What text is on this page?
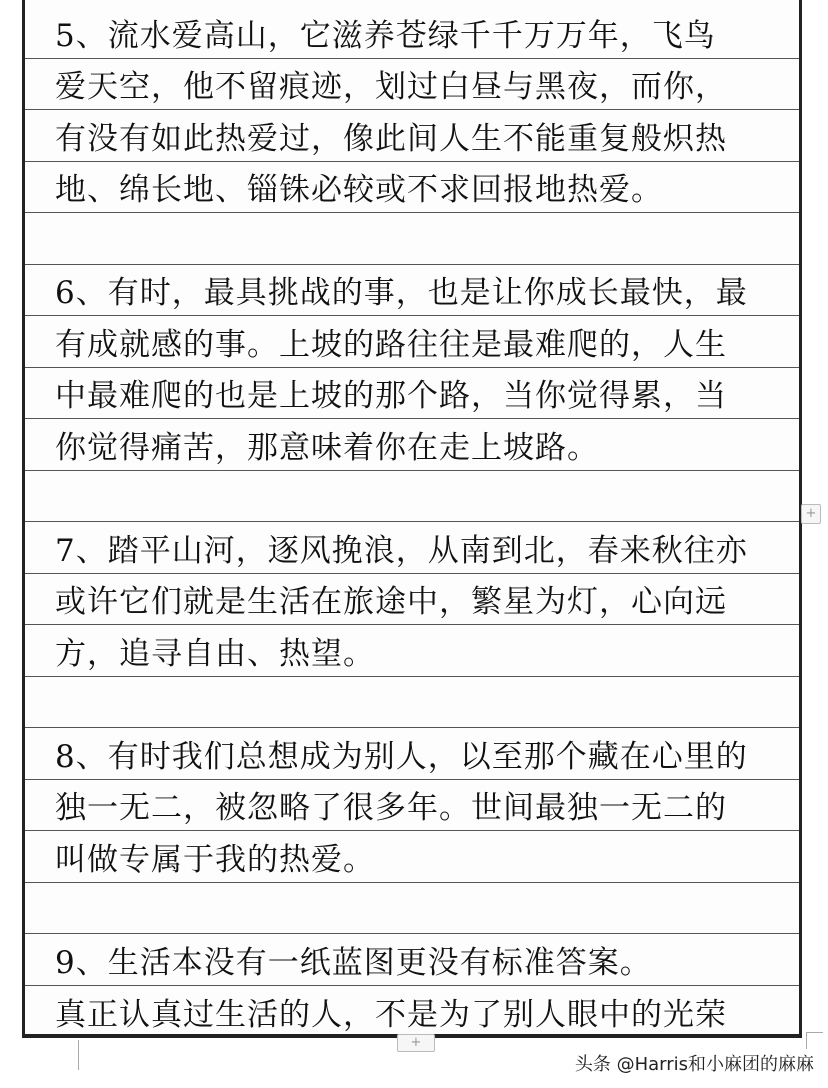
5、流水爱高山，它滋养苍绿千千万万年，飞鸟
爱天空，他不留痕迹，划过白昼与黑夜，而你，
有没有如此热爱过，像此间人生不能重复般炽热
地、绵长地、锱铢必较或不求回报地热爱。
6、有时，最具挑战的事，也是让你成长最快，最
有成就感的事。上坡的路往往是最难爬的，人生
中最难爬的也是上坡的那个路，当你觉得累，当
你觉得痛苦，那意味着你在走上坡路。
7、踏平山河，逐风挽浪，从南到北，春来秋往亦
或许它们就是生活在旅途中，繁星为灯，心向远
方，追寻自由、热望。
8、有时我们总想成为别人，以至那个藏在心里的
独一无二，被忽略了很多年。世间最独一无二的
叫做专属于我的热爱。
9、生活本没有一纸蓝图更没有标准答案。
真正认真过生活的人，不是为了别人眼中的光荣
+
+
头条 @Harris和小麻团的麻麻
